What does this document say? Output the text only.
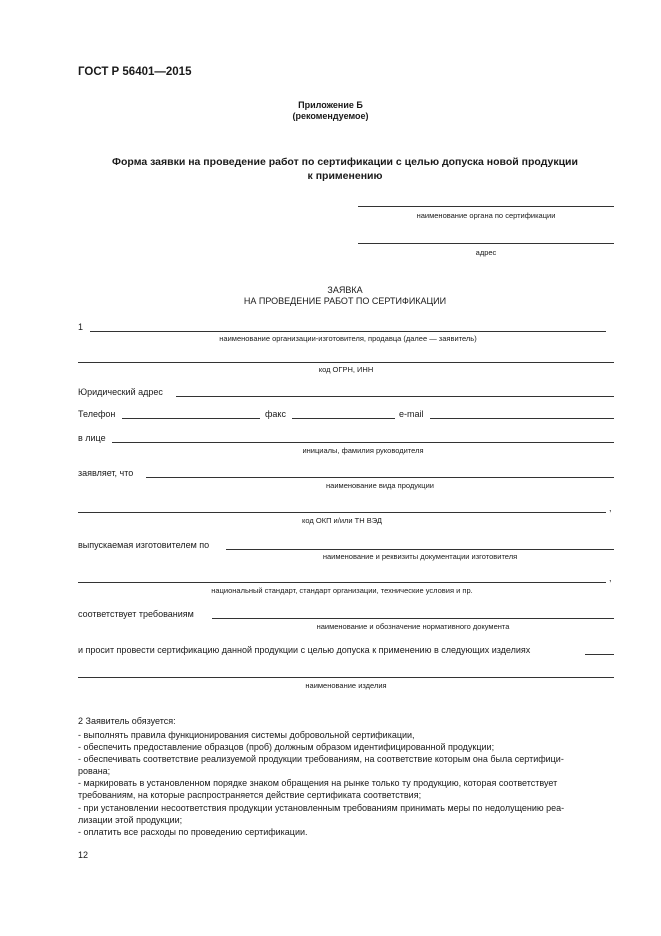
ГОСТ Р 56401—2015
Приложение Б
(рекомендуемое)
Форма заявки на проведение работ по сертификации с целью допуска новой продукции
к применению
наименование органа по сертификации
адрес
ЗАЯВКА
НА ПРОВЕДЕНИЕ РАБОТ ПО СЕРТИФИКАЦИИ
1
наименование организации-изготовителя, продавца (далее — заявитель)
код ОГРН, ИНН
Юридический адрес
Телефон	факс	e-mail
в лице
инициалы, фамилия руководителя
заявляет, что
наименование вида продукции
,
код ОКП и/или ТН ВЭД
выпускаемая изготовителем по
наименование и реквизиты документации изготовителя
,
национальный стандарт, стандарт организации, технические условия и пр.
соответствует требованиям
наименование и обозначение нормативного документа
и просит провести сертификацию данной продукции с целью допуска к применению в следующих изделиях
наименование изделия
2 Заявитель обязуется:
- выполнять правила функционирования системы добровольной сертификации,
- обеспечить предоставление образцов (проб) должным образом идентифицированной продукции;
- обеспечивать соответствие реализуемой продукции требованиям, на соответствие которым она была сертифици-
рована;
- маркировать в установленном порядке знаком обращения на рынке только ту продукцию, которая соответствует
требованиям, на которые распространяется действие сертификата соответствия;
- при установлении несоответствия продукции установленным требованиям принимать меры по недолущению реа-
лизации этой продукции;
- оплатить все расходы по проведению сертификации.
12
